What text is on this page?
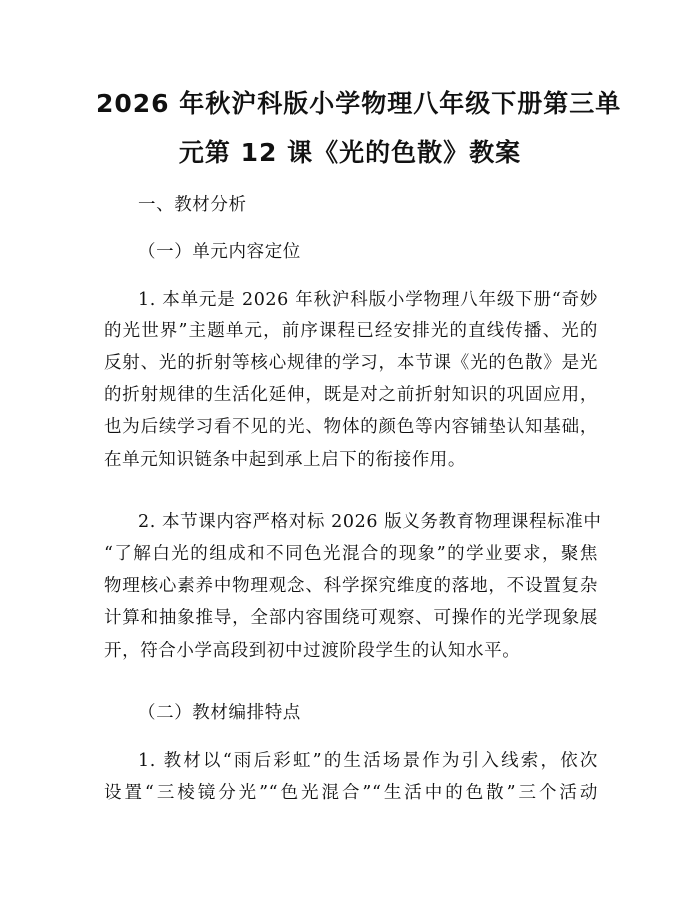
2026 年秋沪科版小学物理八年级下册第三单
元第 12 课《光的色散》教案
一、教材分析
（一）单元内容定位
1. 本单元是 2026 年秋沪科版小学物理八年级下册“奇妙
的光世界”主题单元，前序课程已经安排光的直线传播、光的
反射、光的折射等核心规律的学习，本节课《光的色散》是光
的折射规律的生活化延伸，既是对之前折射知识的巩固应用，
也为后续学习看不见的光、物体的颜色等内容铺垫认知基础，
在单元知识链条中起到承上启下的衔接作用。
2. 本节课内容严格对标 2026 版义务教育物理课程标准中
“了解白光的组成和不同色光混合的现象”的学业要求，聚焦
物理核心素养中物理观念、科学探究维度的落地，不设置复杂
计算和抽象推导，全部内容围绕可观察、可操作的光学现象展
开，符合小学高段到初中过渡阶段学生的认知水平。
（二）教材编排特点
1. 教材以“雨后彩虹”的生活场景作为引入线索，依次
设置“三棱镜分光”“色光混合”“生活中的色散”三个活动
